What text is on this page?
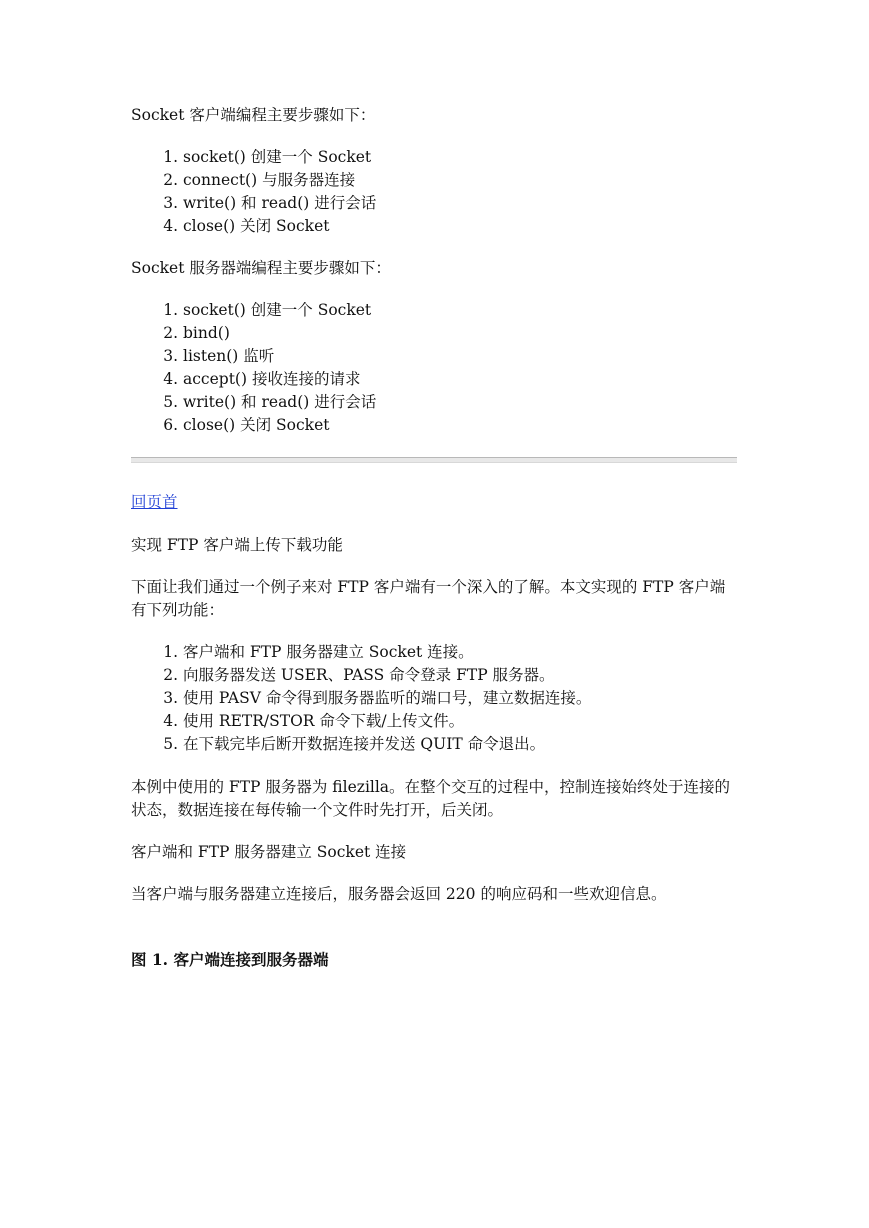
Socket 客户端编程主要步骤如下：

1. socket() 创建一个 Socket
2. connect() 与服务器连接
3. write() 和 read() 进行会话
4. close() 关闭 Socket

Socket 服务器端编程主要步骤如下：

1. socket() 创建一个 Socket
2. bind()
3. listen() 监听
4. accept() 接收连接的请求
5. write() 和 read() 进行会话
6. close() 关闭 Socket
回页首

实现 FTP 客户端上传下载功能

下面让我们通过一个例子来对 FTP 客户端有一个深入的了解。本文实现的 FTP 客户端有下列功能：

1. 客户端和 FTP 服务器建立 Socket 连接。
2. 向服务器发送 USER、PASS 命令登录 FTP 服务器。
3. 使用 PASV 命令得到服务器监听的端口号，建立数据连接。
4. 使用 RETR/STOR 命令下载/上传文件。
5. 在下载完毕后断开数据连接并发送 QUIT 命令退出。

本例中使用的 FTP 服务器为 filezilla。在整个交互的过程中，控制连接始终处于连接的状态，数据连接在每传输一个文件时先打开，后关闭。

客户端和 FTP 服务器建立 Socket 连接

当客户端与服务器建立连接后，服务器会返回 220 的响应码和一些欢迎信息。

图 1. 客户端连接到服务器端
